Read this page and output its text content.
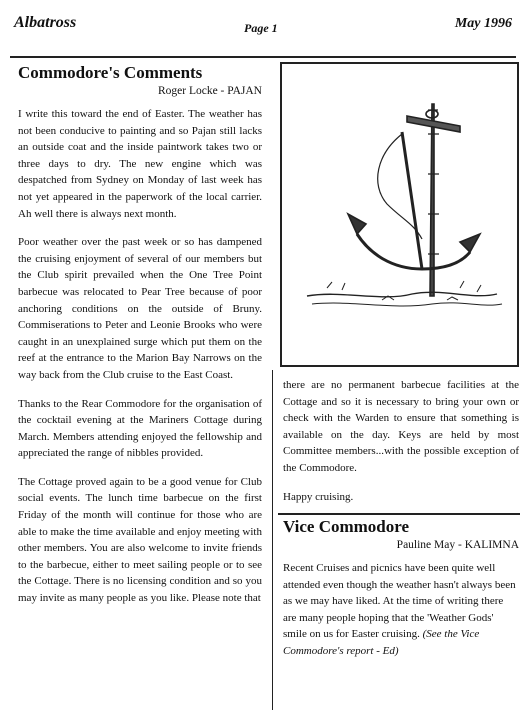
Albatross	Page 1	May 1996
Commodore's Comments
Roger Locke - PAJAN

I write this toward the end of Easter. The weather has not been conducive to painting and so Pajan still lacks an outside coat and the inside paintwork takes two or three days to dry. The new engine which was despatched from Sydney on Monday of last week has not yet appeared in the paperwork of the local carrier. Ah well there is always next month.

Poor weather over the past week or so has dampened the cruising enjoyment of several of our members but the Club spirit prevailed when the One Tree Point barbecue was relocated to Pear Tree because of poor anchoring conditions on the outside of Bruny. Commiserations to Peter and Leonie Brooks who were caught in an unexplained surge which put them on the reef at the entrance to the Marion Bay Narrows on the way back from the Club cruise to the East Coast.

Thanks to the Rear Commodore for the organisation of the cocktail evening at the Mariners Cottage during March. Members attending enjoyed the fellowship and appreciated the range of nibbles provided.

The Cottage proved again to be a good venue for Club social events. The lunch time barbecue on the first Friday of the month will continue for those who are able to make the time available and enjoy meeting with other members. You are also welcome to invite friends to the barbecue, either to meet sailing people or to see the Cottage. There is no licensing condition and so you may invite as many people as you like. Please note that

there are no permanent barbecue facilities at the Cottage and so it is necessary to bring your own or check with the Warden to ensure that something is available on the day. Keys are held by most Committee members...with the possible exception of the Commodore.

Happy cruising.

Vice Commodore
Pauline May - KALIMNA

Recent Cruises and picnics have been quite well attended even though the weather hasn't always been as we may have liked. At the time of writing there are many people hoping that the 'Weather Gods' smile on us for Easter cruising. (See the Vice Commodore's report - Ed)
